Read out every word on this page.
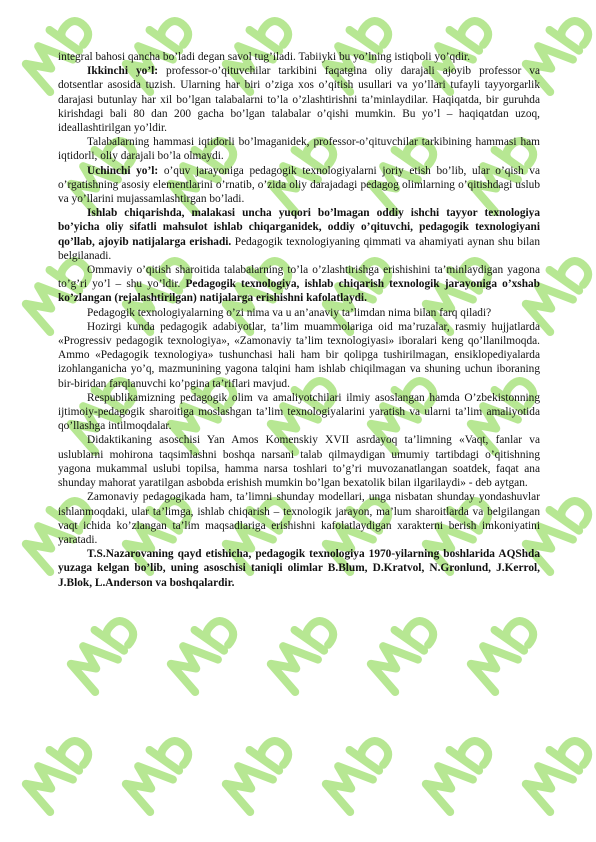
integral bahosi qancha bo’ladi degan savol tug’iladi. Tabiiyki bu yo’lning istiqboli yo’qdir.

Ikkinchi yo’l: professor-o’qituvchilar tarkibini faqatgina oliy darajali ajoyib professor va dotsentlar asosida tuzish. Ularning har biri o’ziga xos o’qitish usullari va yo’llari tufayli tayyorgarlik darajasi butunlay har xil bo’lgan talabalarni to’la o’zlashtirishni ta’minlaydilar. Haqiqatda, bir guruhda kirishdagi bali 80 dan 200 gacha bo’lgan talabalar o’qishi mumkin. Bu yo’l – haqiqatdan uzoq, ideallashtirilgan yo’ldir.

Talabalarning hammasi iqtidorli bo’lmaganidek, professor-o’qituvchilar tarkibining hammasi ham iqtidorli, oliy darajali bo’la olmaydi.

Uchinchi yo’l: o’quv jarayoniga pedagogik texnologiyalarni joriy etish bo’lib, ular o’qish va o’rgatishning asosiy elementlarini o’rnatib, o’zida oliy darajadagi pedagog olimlarning o’qitishdagi uslub va yo’llarini mujassamlashtirgan bo’ladi.

Ishlab chiqarishda, malakasi uncha yuqori bo’lmagan oddiy ishchi tayyor texnologiya bo’yicha oliy sifatli mahsulot ishlab chiqarganidek, oddiy o’qituvchi, pedagogik texnologiyani qo’llab, ajoyib natijalarga erishadi. Pedagogik texnologiyaning qimmati va ahamiyati aynan shu bilan belgilanadi.

Ommaviy o’qitish sharoitida talabalarning to’la o’zlashtirishga erishishini ta’minlaydigan yagona to’g’ri yo’l – shu yo’ldir. Pedagogik texnologiya, ishlab chiqarish texnologik jarayoniga o’xshab ko’zlangan (rejalashtirilgan) natijalarga erishishni kafolatlaydi.

Pedagogik texnologiyalarning o’zi nima va u an’anaviy ta’limdan nima bilan farq qiladi?

Hozirgi kunda pedagogik adabiyotlar, ta’lim muammolariga oid ma’ruzalar, rasmiy hujjatlarda «Progressiv pedagogik texnologiya», «Zamonaviy ta’lim texnologiyasi» iboralari keng qo’llanilmoqda. Ammo «Pedagogik texnologiya» tushunchasi hali ham bir qolipga tushirilmagan, ensiklopediyalarda izohlanganicha yo’q, mazmunining yagona talqini ham ishlab chiqilmagan va shuning uchun iboraning bir-biridan farqlanuvchi ko’pgina ta’riflari mavjud.

Respublikamizning pedagogik olim va amaliyotchilari ilmiy asoslangan hamda O’zbekistonning ijtimoiy-pedagogik sharoitiga moslashgan ta’lim texnologiyalarini yaratish va ularni ta’lim amaliyotida qo’llashga intilmoqdalar.

Didaktikaning asoschisi Yan Amos Komenskiy XVII asrdayoq ta’limning «Vaqt, fanlar va uslublarni mohirona taqsimlashni boshqa narsani talab qilmaydigan umumiy tartibdagi o’qitishning yagona mukammal uslubi topilsa, hamma narsa toshlari to’g’ri muvozanatlangan soatdek, faqat ana shunday mahorat yaratilgan asbobda erishish mumkin bo’lgan bexatolik bilan ilgarilaydi» - deb aytgan.

Zamonaviy pedagogikada ham, ta’limni shunday modellari, unga nisbatan shunday yondashuvlar ishlanmoqdaki, ular ta’limga, ishlab chiqarish – texnologik jarayon, ma’lum sharoitlarda va belgilangan vaqt ichida ko’zlangan ta’lim maqsadlariga erishishni kafolatlaydigan xarakterni berish imkoniyatini yaratadi.

T.S.Nazarovaning qayd etishicha, pedagogik texnologiya 1970-yilarning boshlarida AQShda yuzaga kelgan bo’lib, uning asoschisi taniqli olimlar B.Blum, D.Kratvol, N.Gronlund, J.Kerrol, J.Blok, L.Anderson va boshqalardir.
